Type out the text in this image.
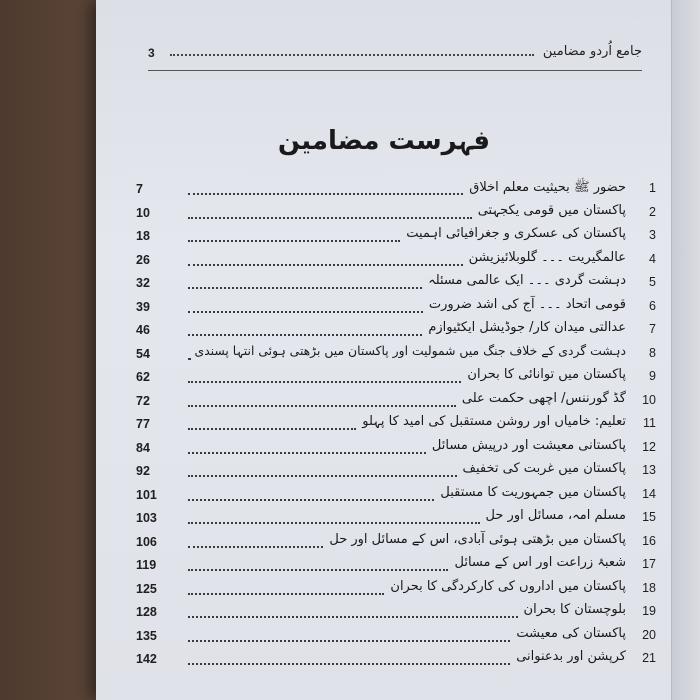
3	جامع اُردو مضامین
فہرست مضامین
7	حضور ﷺ بحیثیت معلم اخلاق	1
10	پاکستان میں قومی یکجہتی	2
18	پاکستان کی عسکری و جغرافیائی اہمیت	3
26	عالمگیریت ۔۔۔ گلوبلائیزیشن	4
32	دہشت گردی ۔۔۔ ایک عالمی مسئلہ	5
39	قومی اتحاد ۔۔۔ آج کی اشد ضرورت	6
46	عدالتی میدان کار/ جوڈیشل ایکٹیوازم	7
54	دہشت گردی کے خلاف جنگ میں شمولیت اور پاکستان میں بڑھتی ہوئی انتہا پسندی	8
62	پاکستان میں توانائی کا بحران	9
72	گڈ گورننس/ اچھی حکمت علی	10
77	تعلیم: خامیاں اور روشن مستقبل کی امید کا پہلو	11
84	پاکستانی معیشت اور درپیش مسائل	12
92	پاکستان میں غربت کی تخفیف	13
101	پاکستان میں جمہوریت کا مستقبل	14
103	مسلم امہ، مسائل اور حل	15
106	پاکستان میں بڑھتی ہوئی آبادی، اس کے مسائل اور حل	16
119	شعبۂ زراعت اور اس کے مسائل	17
125	پاکستان میں اداروں کی کارکردگی کا بحران	18
128	بلوچستان کا بحران	19
135	پاکستان کی معیشت	20
142	کرپشن اور بدعنوانی	21
